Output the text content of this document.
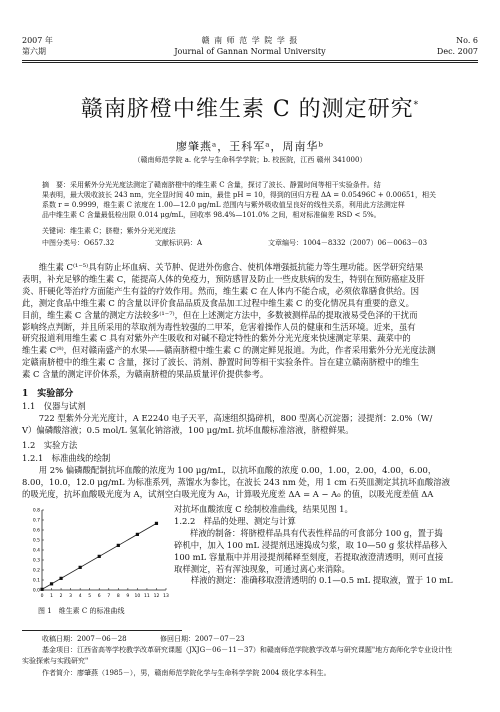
2007 年
第六期
赣 南 师 范 学 院 学 报
Journal of Gannan Normal University
No. 6
Dec. 2007
赣南脐橙中维生素 C 的测定研究*
廖肇燕ᵃ，王科军ᵃ，周南华ᵇ
（赣南师范学院 a. 化学与生命科学学院；b. 校医院，江西 赣州 341000）
摘　要：采用紫外分光光度法测定了赣南脐橙中的维生素 C 含量，探讨了波长、静置时间等相干实验条件。结
果表明，最大吸收波长 243 nm，完全显时间 40 min，最佳 pH = 10，得到的回归方程 ΔA = 0.05496C + 0.00651，相关
系数 r = 0.9999，维生素 C 浓度在 1.00—12.0 μg/mL 范围内与紫外吸收值呈良好的线性关系，利用此方法测定样
品中维生素 C 含量最低检出限 0.014 μg/mL，回收率 98.4%—101.0% 之间，相对标准偏差 RSD < 5%。
关键词：维生素 C；脐橙；紫外分光光度法
中图分类号：O657.32	文献标识码：A	文章编号：1004－8332（2007）06－0063－03
　　维生素 C⁽¹⁻⁵⁾具有防止坏血病、关节肿、促进外伤愈合、使机体增强抵抗能力等生理功能。医学研究结果
表明，补充足够的维生素 C，能提高人体的免疫力，预防感冒及防止一些皮肤病的发生，特别在预防癌症及肝
炎、肝硬化等治疗方面能产生有益的疗效作用。然而，维生素 C 在人体内不能合成，必须依靠膳食供给。因
此，测定食品中维生素 C 的含量以评价食品品质及食品加工过程中维生素 C 的变化情况具有重要的意义。
目前，维生素 C 含量的测定方法较多⁽¹⁻⁷⁾，但在上述测定方法中，多数被测样品的提取液易受色泽的干扰而
影响终点判断，并且所采用的萃取剂为毒性较强的二甲苯，危害着操作人员的健康和生活环境。近来，虽有
研究报道利用维生素 C 具有对紫外产生吸收和对碱不稳定特性的紫外分光光度来快速测定苹果、蔬菜中的
维生素 C⁽⁸⁾，但对赣南盛产的水果——赣南脐橙中维生素 C 的测定鲜见报道。为此，作者采用紫外分光光度法测
定赣南脐橙中的维生素 C 含量，探讨了波长、消剂、静置时间等相干实验条件。旨在建立赣南脐橙中的维生
素 C 含量的测定评价体系，为赣南脐橙的果品质量评价提供参考。
1　实验部分
1.1　仪器与试剂
　　722 型紫外分光光度计，A E2240 电子天平，高速组织捣碎机，800 型离心沉淀器；浸提剂：2.0%（W/
V）偏磷酸溶液；0.5 mol/L 氢氧化钠溶液，100 μg/mL 抗坏血酸标准溶液，脐橙鲜果。
1.2　实验方法
1.2.1　标准曲线的绘制
　　用 2% 偏磷酸配制抗坏血酸的浓度为 100 μg/mL，以抗坏血酸的浓度 0.00，1.00，2.00，4.00，6.00，
8.00，10.0，12.0 μg/mL 为标准系列，蒸馏水为参比，在波长 243 nm 处，用 1 cm 石英皿测定其抗坏血酸溶液
的吸光度，抗坏血酸吸光度为 A，试剂空白吸光度为 A₀，计算吸光度差 ΔA = A − A₀ 的值，以吸光度差值 ΔA
0 1 2 3 4 5 6 7 8 9 10 11 12 13
0.0
0.1
0.2
0.3
0.4
0.5
0.6
0.7
0.8
图 1　维生素 C 的标准曲线
对抗坏血酸浓度 C 绘制校准曲线，结果见图 1。
1.2.2　样品的处理、测定与计算
样液的制备：将脐橙样品具有代表性样品的可食部分 100 g，置于捣
碎机中，加入 100 mL 浸提剂迅速捣成匀浆，取 10—50 g 浆状样品移入
100 mL 容量瓶中并用浸提剂稀释至刻度，若提取液澄清透明，则可直接
取样测定，若有浑浊现象，可通过离心来消除。
　　样液的测定：准确移取澄清透明的 0.1—0.5 mL 提取液，置于 10 mL
收稿日期：2007－06－28	修回日期：2007－07－23
基金项目：江西省高等学校教学改革研究课题（JXJG－06－11－37）和赣南师范学院教学改革与研究课题"地方高师化学专业设计性
实验探索与实践研究"
作者简介：廖肇燕（1985－），男，赣南师范学院化学与生命科学学院 2004 级化学本科生。
